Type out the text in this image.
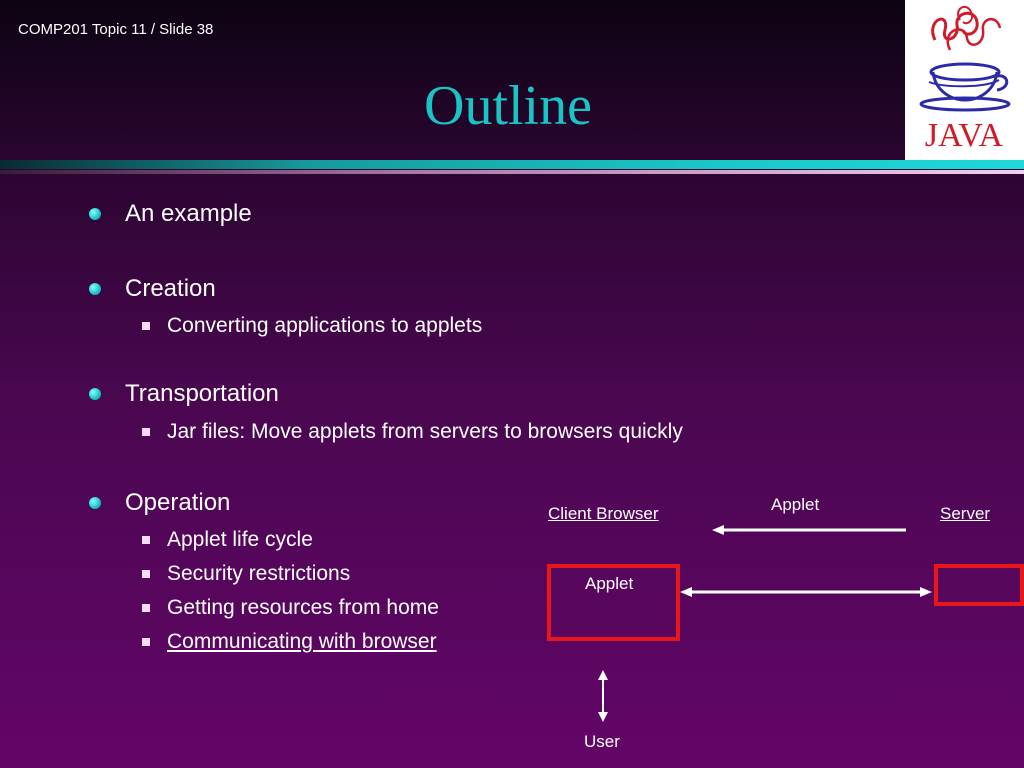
COMP201 Topic 11 / Slide 38
Outline	JAVA
An example
Creation
Converting applications to applets
Transportation
Jar files: Move applets from servers to browsers quickly
Operation
Applet life cycle
Security restrictions
Getting resources from home
Communicating with browser
Client Browser	Server
Applet
Applet
User
